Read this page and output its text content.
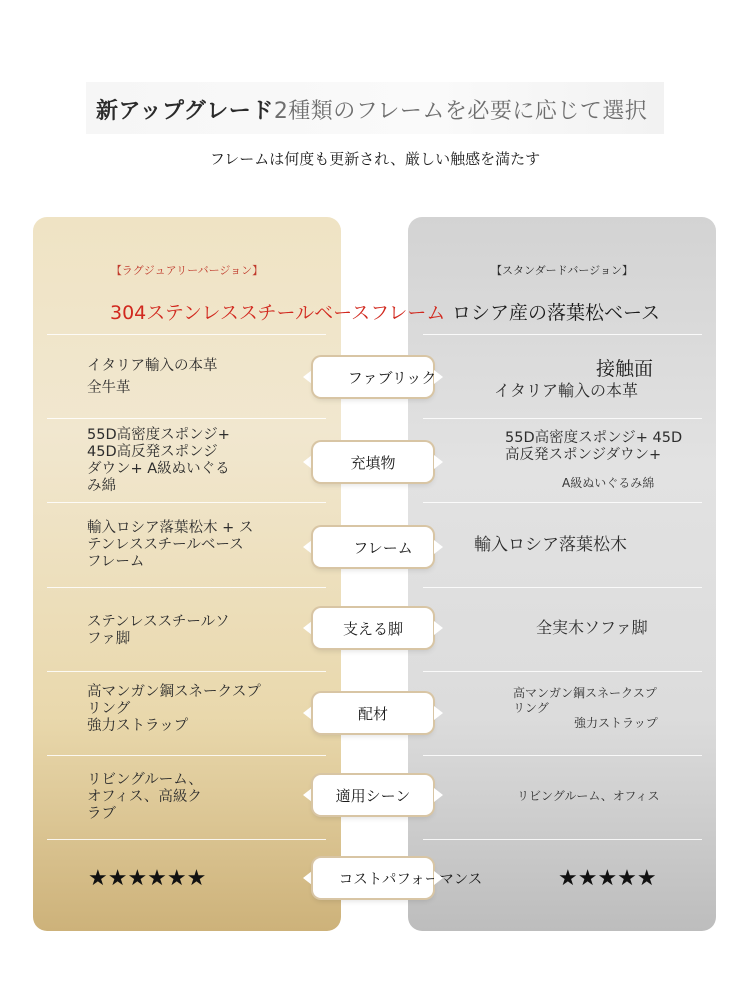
新アップグレード2種類のフレームを必要に応じて選択
フレームは何度も更新され、厳しい触感を満たす
【ラグジュアリーバージョン】	【スタンダードバージョン】
304ステンレススチールベースフレーム ロシア産の落葉松ベース
イタリア輸入の本革
全牛革
55D高密度スポンジ+
45D高反発スポンジ
ダウン+ A級ぬいぐる
み綿
輸入ロシア落葉松木 + ス
テンレススチールベース
フレーム
ステンレススチールソ
ファ脚
高マンガン鋼スネークスプ
リング
強力ストラップ
リビングルーム、
オフィス、高級ク
ラブ
★★★★★★
接触面
イタリア輸入の本革
55D高密度スポンジ+ 45D
高反発スポンジダウン+
A級ぬいぐるみ綿
輸入ロシア落葉松木
全実木ソファ脚
高マンガン鋼スネークスプ
リング
強力ストラップ
リビングルーム、オフィス
★★★★★
ファブリック
充填物
フレーム
支える脚
配材
適用シーン
コストパフォーマンス
